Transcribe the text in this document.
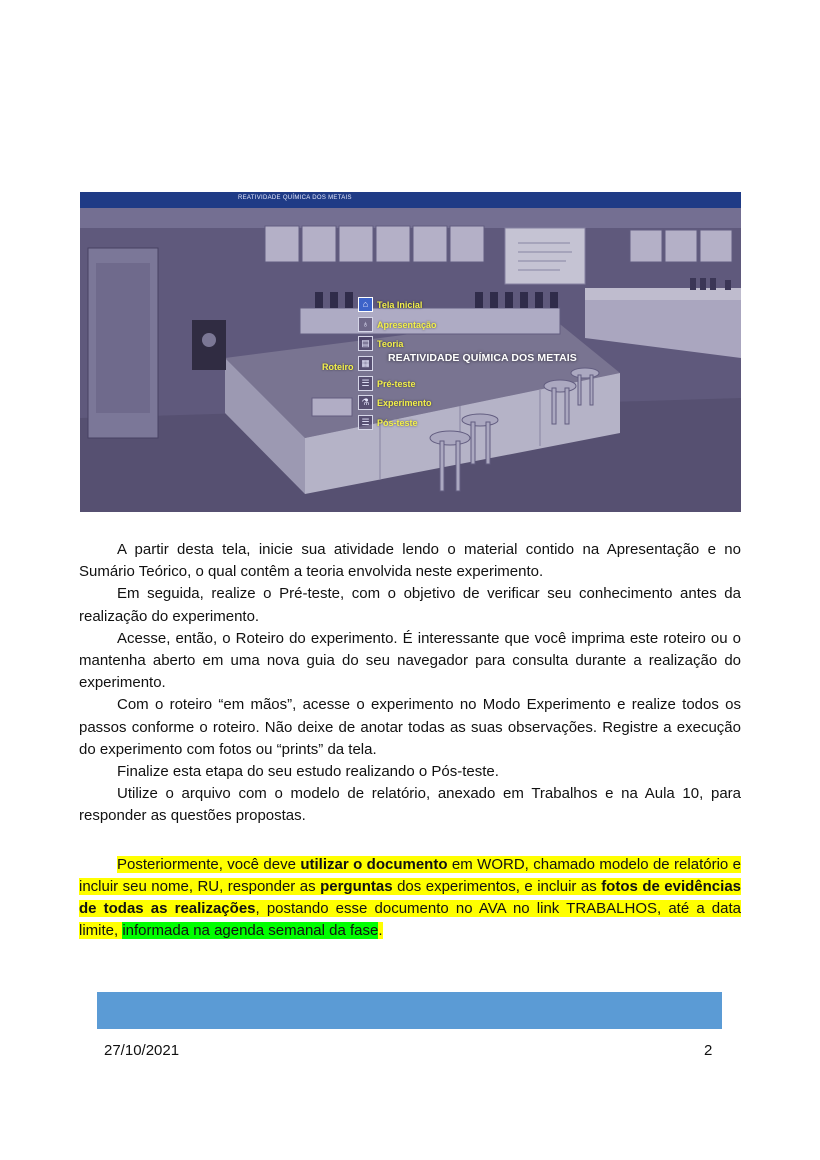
REATIVIDADE QUÍMICA DOS METAIS
REATIVIDADE QUÍMICA DOS METAIS
Roteiro
⌂ Tela Inicial
♁ Apresentação
▤ Teoria
▦
☰ Pré-teste
⚗ Experimento
☰ Pós-teste

A partir desta tela, inicie sua atividade lendo o material contido na Apresentação e no Sumário Teórico, o qual contêm a teoria envolvida neste experimento.

Em seguida, realize o Pré-teste, com o objetivo de verificar seu conhecimento antes da realização do experimento.

Acesse, então, o Roteiro do experimento. É interessante que você imprima este roteiro ou o mantenha aberto em uma nova guia do seu navegador para consulta durante a realização do experimento.

Com o roteiro “em mãos”, acesse o experimento no Modo Experimento e realize todos os passos conforme o roteiro. Não deixe de anotar todas as suas observações. Registre a execução do experimento com fotos ou “prints” da tela.

Finalize esta etapa do seu estudo realizando o Pós-teste.

Utilize o arquivo com o modelo de relatório, anexado em Trabalhos e na Aula 10, para responder as questões propostas.

Posteriormente, você deve utilizar o documento em WORD, chamado modelo de relatório e incluir seu nome, RU, responder as perguntas dos experimentos, e incluir as fotos de evidências de todas as realizações, postando esse documento no AVA no link TRABALHOS, até a data limite, informada na agenda semanal da fase.

27/10/2021	2
